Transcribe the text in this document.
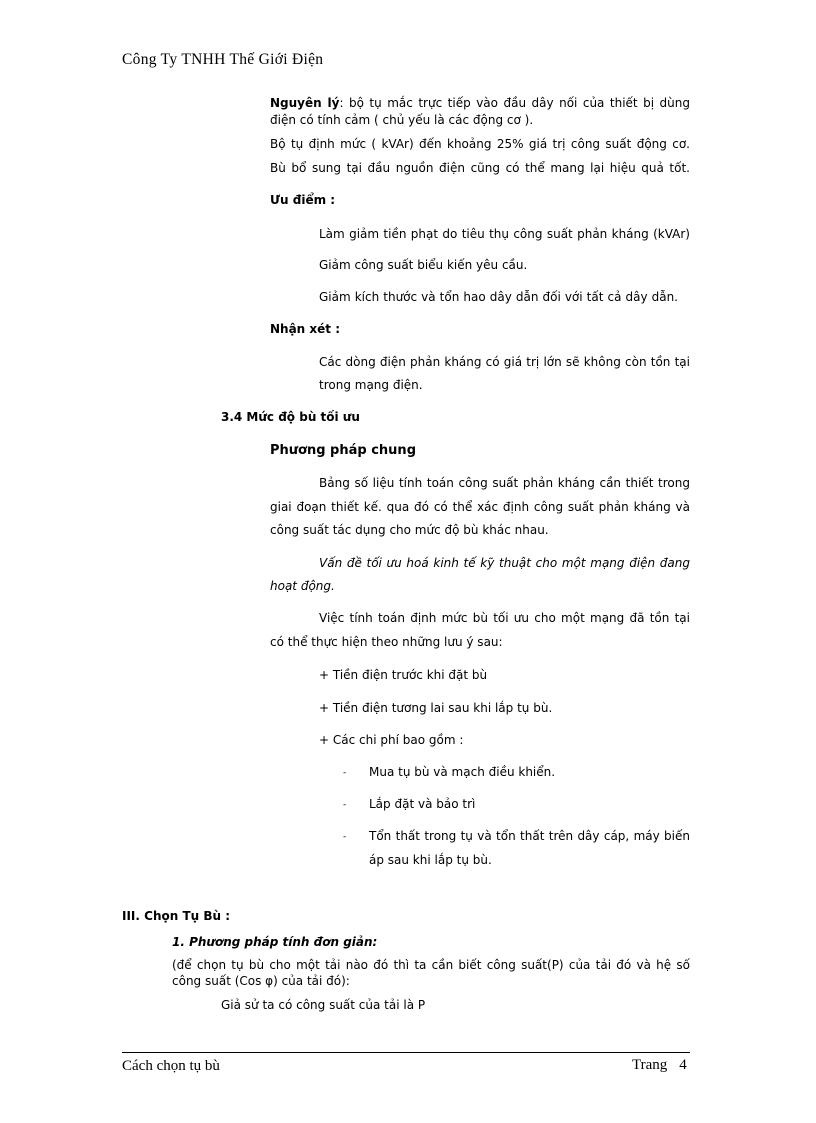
Công Ty TNHH Thế Giới Điện
Nguyên lý: bộ tụ mắc trực tiếp vào đầu dây nối của thiết bị dùng
điện có tính cảm ( chủ yếu là các động cơ ).
Bộ tụ định mức ( kVAr) đến khoảng 25% giá trị công suất động cơ.
Bù bổ sung tại đầu nguồn điện cũng có thể mang lại hiệu quả tốt.
Ưu điểm :
Làm giảm tiền phạt do tiêu thụ công suất phản kháng (kVAr)
Giảm công suất biểu kiến yêu cầu.
Giảm kích thước và tổn hao dây dẫn đối với tất cả dây dẫn.
Nhận xét :
Các dòng điện phản kháng có giá trị lớn sẽ không còn tồn tại
trong mạng điện.
3.4 Mức độ bù tối ưu
Phương pháp chung
Bảng số liệu tính toán công suất phản kháng cần thiết trong
giai đoạn thiết kế. qua đó có thể xác định công suất phản kháng và
công suất tác dụng cho mức độ bù khác nhau.
Vấn đề tối ưu hoá kinh tế kỹ thuật cho một mạng điện đang
hoạt động.
Việc tính toán định mức bù tối ưu cho một mạng đã tồn tại
có thể thực hiện theo những lưu ý sau:
+ Tiền điện trước khi đặt bù
+ Tiền điện tương lai sau khi lắp tụ bù.
+ Các chi phí bao gồm :
- Mua tụ bù và mạch điều khiển.
- Lắp đặt và bảo trì
- Tổn thất trong tụ và tổn thất trên dây cáp, máy biến
áp sau khi lắp tụ bù.
III. Chọn Tụ Bù :
1. Phương pháp tính đơn giản:
(để chọn tụ bù cho một tải nào đó thì ta cần biết công suất(P) của tải đó và hệ số
công suất (Cos φ) của tải đó):
Giả sử ta có công suất của tải là P
Cách chọn tụ bù	Trang 4
